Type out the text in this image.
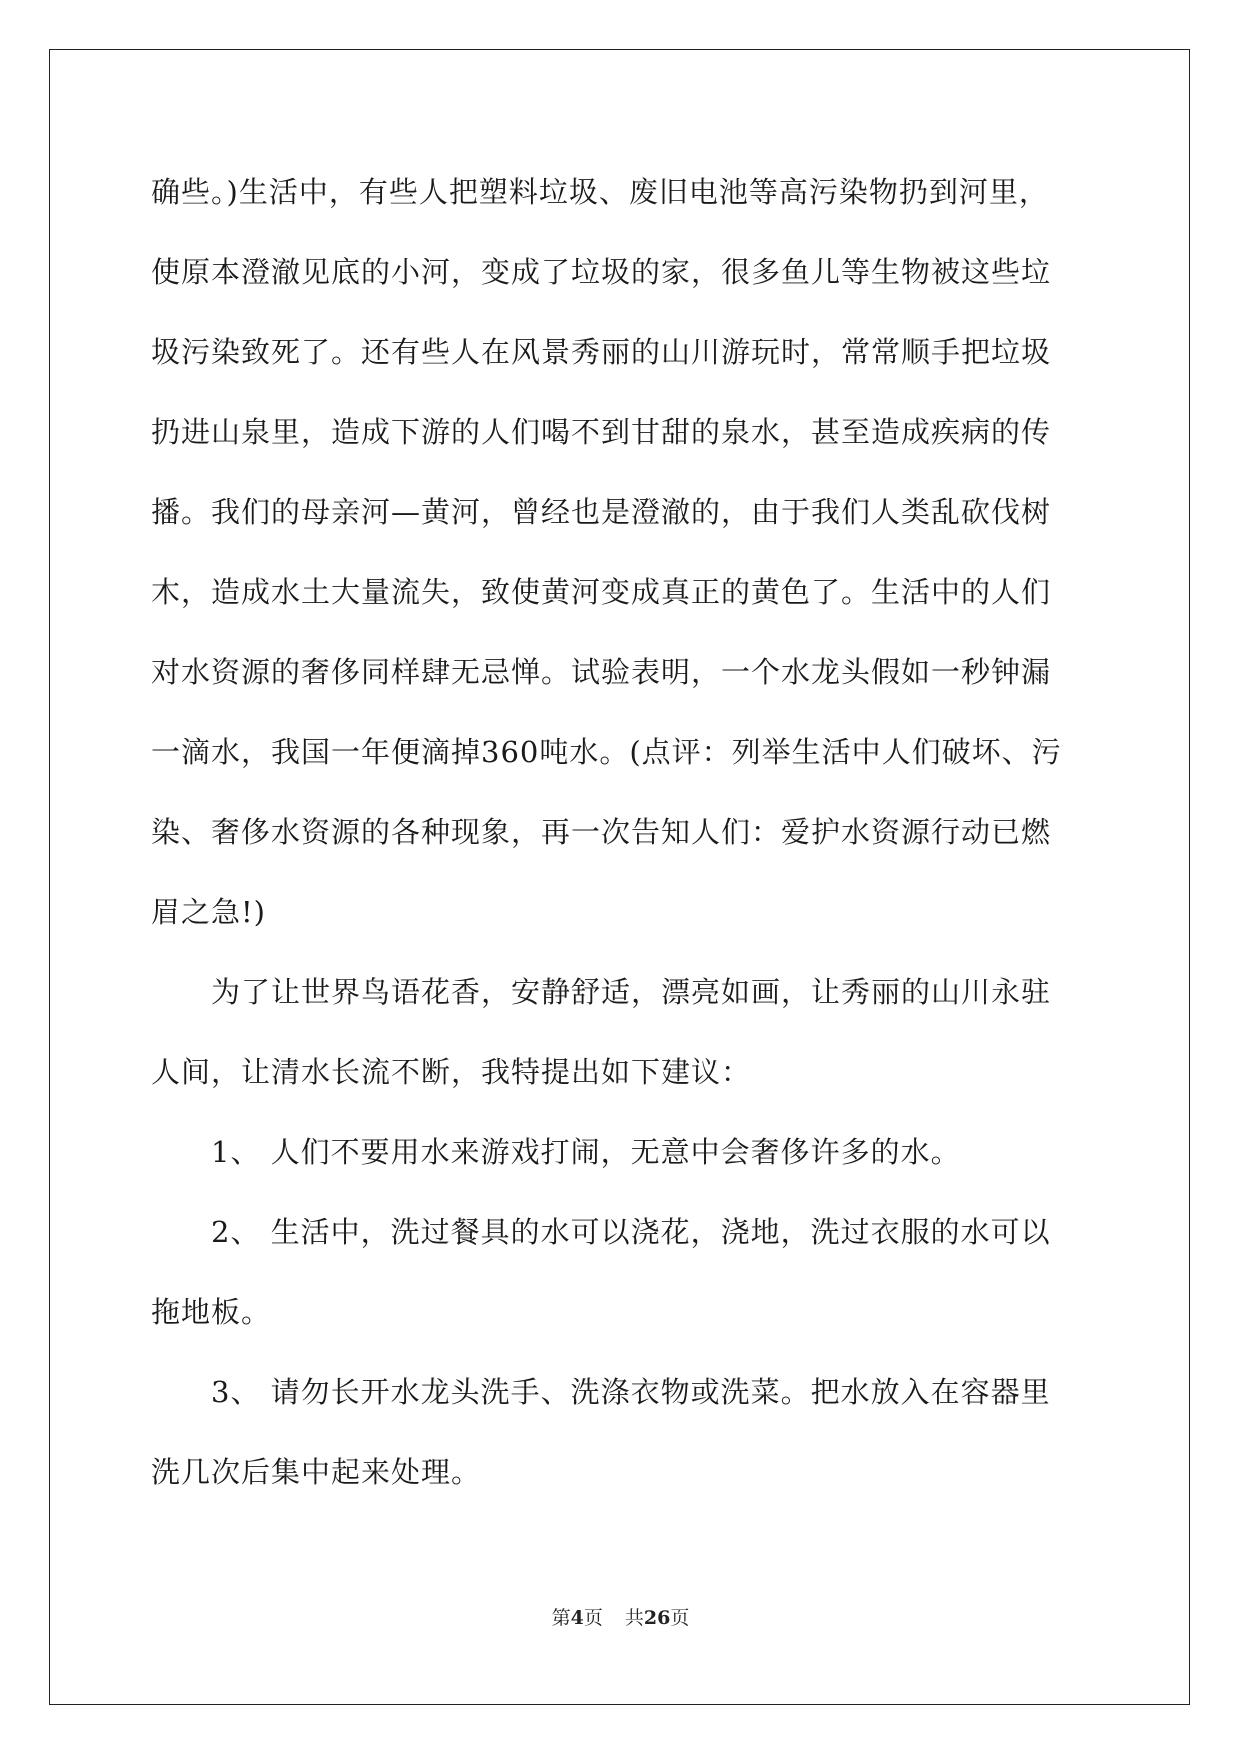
确些。)生活中，有些人把塑料垃圾、废旧电池等高污染物扔到河里，
使原本澄澈见底的小河，变成了垃圾的家，很多鱼儿等生物被这些垃
圾污染致死了。还有些人在风景秀丽的山川游玩时，常常顺手把垃圾
扔进山泉里，造成下游的人们喝不到甘甜的泉水，甚至造成疾病的传
播。我们的母亲河—黄河，曾经也是澄澈的，由于我们人类乱砍伐树
木，造成水土大量流失，致使黄河变成真正的黄色了。生活中的人们
对水资源的奢侈同样肆无忌惮。试验表明，一个水龙头假如一秒钟漏
一滴水，我国一年便滴掉360吨水。(点评：列举生活中人们破坏、污
染、奢侈水资源的各种现象，再一次告知人们：爱护水资源行动已燃
眉之急!)
　　为了让世界鸟语花香，安静舒适，漂亮如画，让秀丽的山川永驻
人间，让清水长流不断，我特提出如下建议：
　　1、 人们不要用水来游戏打闹，无意中会奢侈许多的水。
　　2、 生活中，洗过餐具的水可以浇花，浇地，洗过衣服的水可以
拖地板。
　　3、 请勿长开水龙头洗手、洗涤衣物或洗菜。把水放入在容器里
洗几次后集中起来处理。
第4页 共26页
